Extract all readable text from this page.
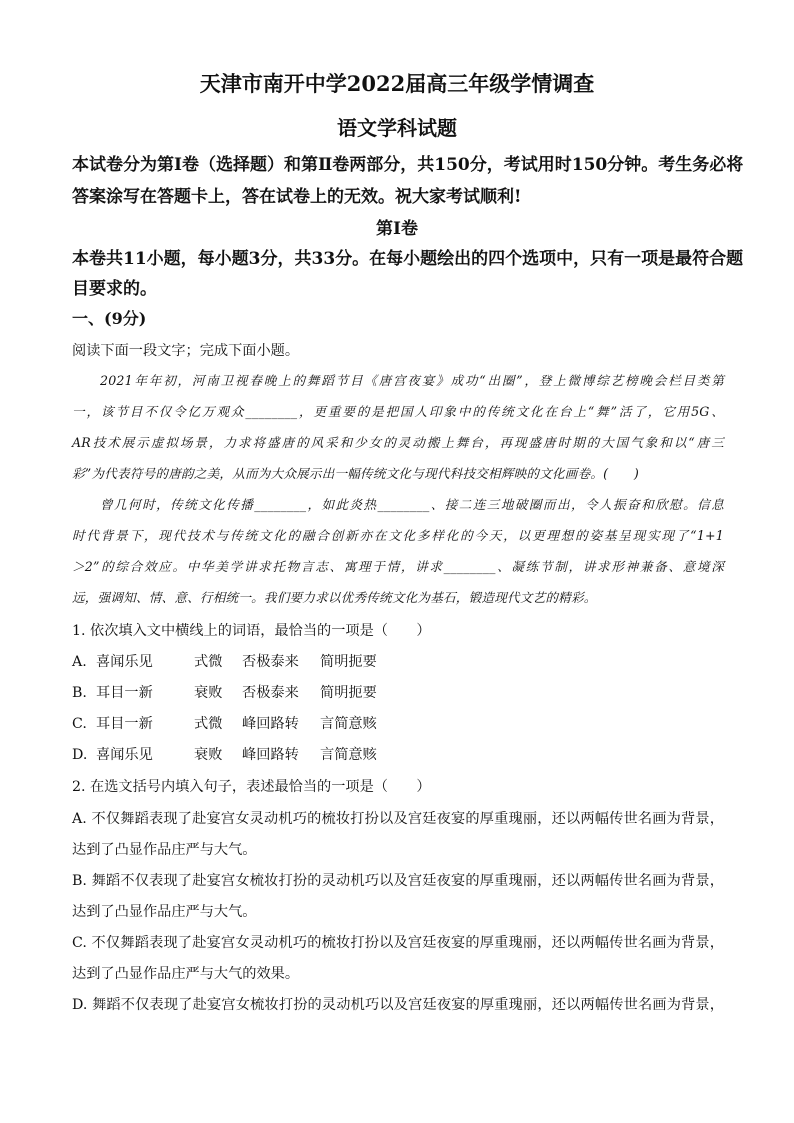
天津市南开中学2022届高三年级学情调查
语文学科试题
本试卷分为第Ⅰ卷（选择题）和第Ⅱ卷两部分，共150分，考试用时150分钟。考生务必将
答案涂写在答题卡上，答在试卷上的无效。祝大家考试顺利!
第Ⅰ卷
本卷共11小题，每小题3分，共33分。在每小题绘出的四个选项中，只有一项是最符合题
目要求的。
一、(9分)
阅读下面一段文字；完成下面小题。
2021年年初，河南卫视春晚上的舞蹈节目《唐宫夜宴》成功“出圈”，登上微博综艺榜晚会栏目类第
一，该节目不仅令亿万观众________，更重要的是把国人印象中的传统文化在台上“舞”活了，它用5G、
AR技术展示虚拟场景，力求将盛唐的风采和少女的灵动搬上舞台，再现盛唐时期的大国气象和以“唐三
彩”为代表符号的唐韵之美，从而为大众展示出一幅传统文化与现代科技交相辉映的文化画卷。(　　)
曾几何时，传统文化传播________，如此炎热________、接二连三地破圈而出，令人振奋和欣慰。信息
时代背景下，现代技术与传统文化的融合创新亦在文化多样化的今天，以更理想的姿基呈现实现了“1+1
＞2”的综合效应。中华美学讲求托物言志、寓理于情，讲求________、凝练节制，讲求形神兼备、意境深
远，强调知、情、意、行相统一。我们要力求以优秀传统文化为基石，锻造现代文艺的精彩。
1. 依次填入文中横线上的词语，最恰当的一项是（　　）
A. 喜闻乐见	式微 否极泰来 简明扼要
B. 耳目一新	衰败 否极泰来 简明扼要
C. 耳目一新	式微 峰回路转 言简意赅
D. 喜闻乐见	衰败 峰回路转 言简意赅
2. 在选文括号内填入句子，表述最恰当的一项是（　　）
A. 不仅舞蹈表现了赴宴宫女灵动机巧的梳妆打扮以及宫廷夜宴的厚重瑰丽，还以两幅传世名画为背景，
达到了凸显作品庄严与大气。
B. 舞蹈不仅表现了赴宴宫女梳妆打扮的灵动机巧以及宫廷夜宴的厚重瑰丽，还以两幅传世名画为背景，
达到了凸显作品庄严与大气。
C. 不仅舞蹈表现了赴宴宫女灵动机巧的梳妆打扮以及宫廷夜宴的厚重瑰丽，还以两幅传世名画为背景，
达到了凸显作品庄严与大气的效果。
D. 舞蹈不仅表现了赴宴宫女梳妆打扮的灵动机巧以及宫廷夜宴的厚重瑰丽，还以两幅传世名画为背景，
